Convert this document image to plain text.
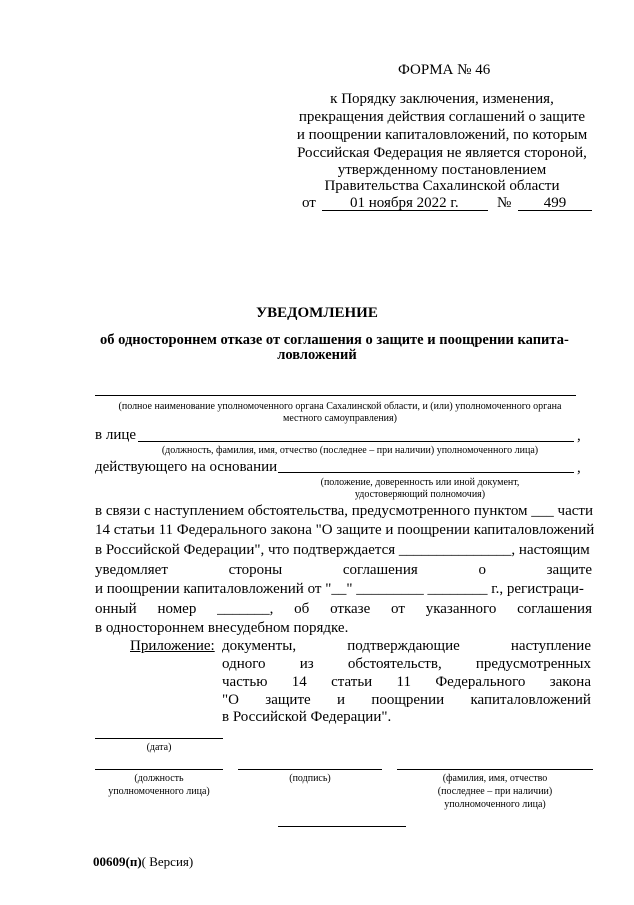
ФОРМА № 46
к Порядку заключения, изменения,
прекращения действия соглашений о защите
и поощрении капиталовложений, по которым
Российская Федерация не является стороной,
утвержденному постановлением
Правительства Сахалинской области
от 01 ноября 2022 г.	№	499
УВЕДОМЛЕНИЕ
об одностороннем отказе от соглашения о защите и поощрении капита-
ловложений
(полное наименование уполномоченного органа Сахалинской области, и (или) уполномоченного органа
местного самоуправления)
в лице	,
(должность, фамилия, имя, отчество (последнее – при наличии) уполномоченного лица)
действующего на основании	,
(положение, доверенность или иной документ,
удостоверяющий полномочия)
в связи с наступлением обстоятельства, предусмотренного пунктом ___ части
14 статьи 11 Федерального закона "О защите и поощрении капиталовложений
в Российской Федерации", что подтверждается _______________, настоящим
уведомляет	стороны	соглашения	о	защите
и поощрении капиталовложений от "__" _________ ________ г., регистраци-
онный номер _______, об отказе от указанного соглашения
в одностороннем внесудебном порядке.
Приложение: документы,	подтверждающие	наступление
одного из обстоятельств, предусмотренных
частью 14 статьи 11 Федерального закона
"О защите и поощрении капиталовложений
в Российской Федерации".
(дата)
(должность
уполномоченного лица)
(подпись)	(фамилия, имя, отчество
(последнее – при наличии)
уполномоченного лица)
00609(п)( Версия)
